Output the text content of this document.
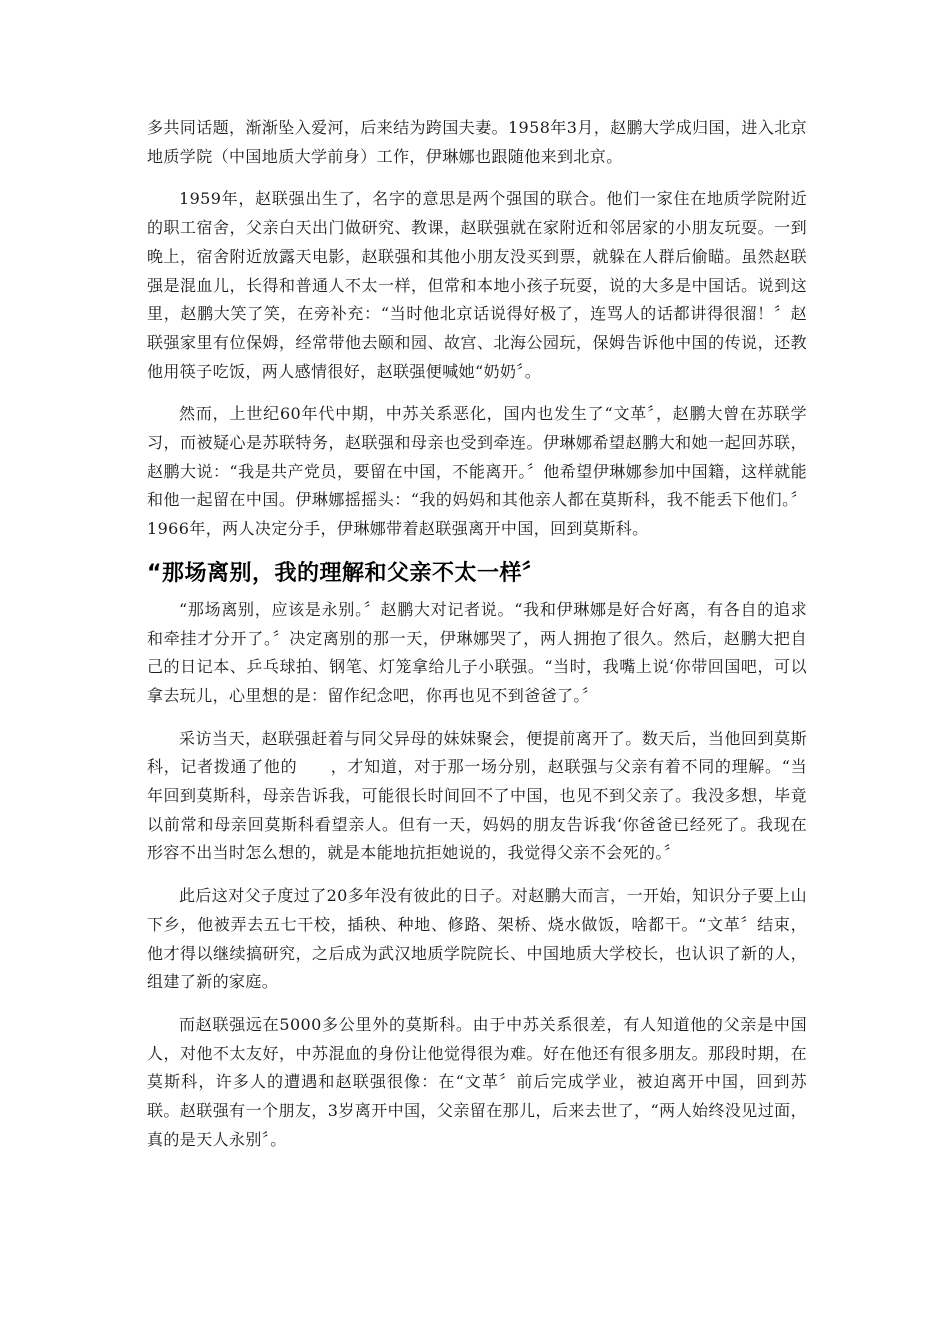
多共同话题，渐渐坠入爱河，后来结为跨国夫妻。1958年3月，赵鹏大学成归国，进入北京地质学院（中国地质大学前身）工作，伊琳娜也跟随他来到北京。

1959年，赵联强出生了，名字的意思是两个强国的联合。他们一家住在地质学院附近的职工宿舍，父亲白天出门做研究、教课，赵联强就在家附近和邻居家的小朋友玩耍。一到晚上，宿舍附近放露天电影，赵联强和其他小朋友没买到票，就躲在人群后偷瞄。虽然赵联强是混血儿，长得和普通人不太一样，但常和本地小孩子玩耍，说的大多是中国话。说到这里，赵鹏大笑了笑，在旁补充：“当时他北京话说得好极了，连骂人的话都讲得很溜！〞赵联强家里有位保姆，经常带他去颐和园、故宫、北海公园玩，保姆告诉他中国的传说，还教他用筷子吃饭，两人感情很好，赵联强便喊她“奶奶〞。

然而，上世纪60年代中期，中苏关系恶化，国内也发生了“文革〞，赵鹏大曾在苏联学习，而被疑心是苏联特务，赵联强和母亲也受到牵连。伊琳娜希望赵鹏大和她一起回苏联，赵鹏大说：“我是共产党员，要留在中国，不能离开。〞他希望伊琳娜参加中国籍，这样就能和他一起留在中国。伊琳娜摇摇头：“我的妈妈和其他亲人都在莫斯科，我不能丢下他们。〞1966年，两人决定分手，伊琳娜带着赵联强离开中国，回到莫斯科。

“那场离别，我的理解和父亲不太一样〞

“那场离别，应该是永别。〞赵鹏大对记者说。“我和伊琳娜是好合好离，有各自的追求和牵挂才分开了。〞决定离别的那一天，伊琳娜哭了，两人拥抱了很久。然后，赵鹏大把自己的日记本、乒乓球拍、钢笔、灯笼拿给儿子小联强。“当时，我嘴上说‘你带回国吧，可以拿去玩儿，心里想的是：留作纪念吧，你再也见不到爸爸了。〞

采访当天，赵联强赶着与同父异母的妹妹聚会，便提前离开了。数天后，当他回到莫斯科，记者拨通了他的　　，才知道，对于那一场分别，赵联强与父亲有着不同的理解。“当年回到莫斯科，母亲告诉我，可能很长时间回不了中国，也见不到父亲了。我没多想，毕竟以前常和母亲回莫斯科看望亲人。但有一天，妈妈的朋友告诉我‘你爸爸已经死了。我现在形容不出当时怎么想的，就是本能地抗拒她说的，我觉得父亲不会死的。〞

此后这对父子度过了20多年没有彼此的日子。对赵鹏大而言，一开始，知识分子要上山下乡，他被弄去五七干校，插秧、种地、修路、架桥、烧水做饭，啥都干。“文革〞结束，他才得以继续搞研究，之后成为武汉地质学院院长、中国地质大学校长，也认识了新的人，组建了新的家庭。

而赵联强远在5000多公里外的莫斯科。由于中苏关系很差，有人知道他的父亲是中国人，对他不太友好，中苏混血的身份让他觉得很为难。好在他还有很多朋友。那段时期，在莫斯科，许多人的遭遇和赵联强很像：在“文革〞前后完成学业，被迫离开中国，回到苏联。赵联强有一个朋友，3岁离开中国，父亲留在那儿，后来去世了，“两人始终没见过面，真的是天人永别〞。
